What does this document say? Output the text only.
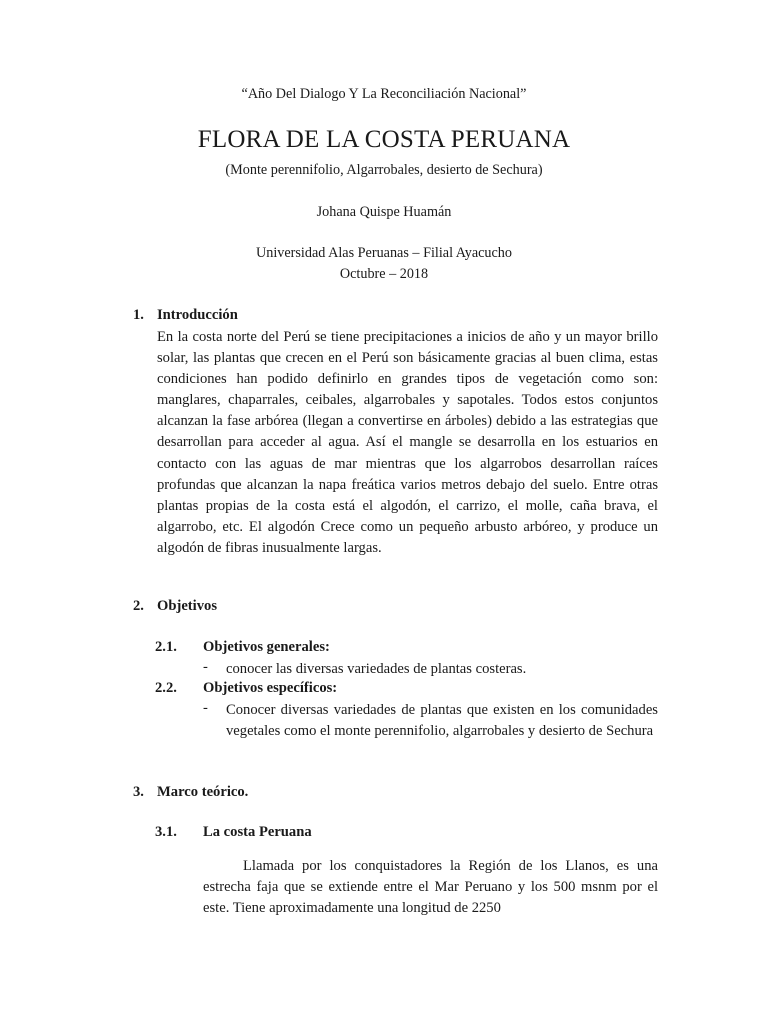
“Año Del Dialogo Y La Reconciliación Nacional”
FLORA DE LA COSTA PERUANA
(Monte perennifolio, Algarrobales, desierto de Sechura)
Johana Quispe Huamán
Universidad Alas Peruanas – Filial Ayacucho
Octubre – 2018
1. Introducción
En la costa norte del Perú se tiene precipitaciones a inicios de año y un mayor brillo solar, las plantas que crecen en el Perú son básicamente gracias al buen clima, estas condiciones han podido definirlo en grandes tipos de vegetación como son: manglares, chaparrales, ceibales, algarrobales y sapotales. Todos estos conjuntos alcanzan la fase arbórea (llegan a convertirse en árboles) debido a las estrategias que desarrollan para acceder al agua. Así el mangle se desarrolla en los estuarios en contacto con las aguas de mar mientras que los algarrobos desarrollan raíces profundas que alcanzan la napa freática varios metros debajo del suelo. Entre otras plantas propias de la costa está el algodón, el carrizo, el molle, caña brava, el algarrobo, etc. El algodón Crece como un pequeño arbusto arbóreo, y produce un algodón de fibras inusualmente largas.
2. Objetivos
2.1. Objetivos generales:
- conocer las diversas variedades de plantas costeras.
2.2. Objetivos específicos:
- Conocer diversas variedades de plantas que existen en los comunidades vegetales como el monte perennifolio, algarrobales y desierto de Sechura
3. Marco teórico.
3.1. La costa Peruana
Llamada por los conquistadores la Región de los Llanos, es una estrecha faja que se extiende entre el Mar Peruano y los 500 msnm por el este. Tiene aproximadamente una longitud de 2250
